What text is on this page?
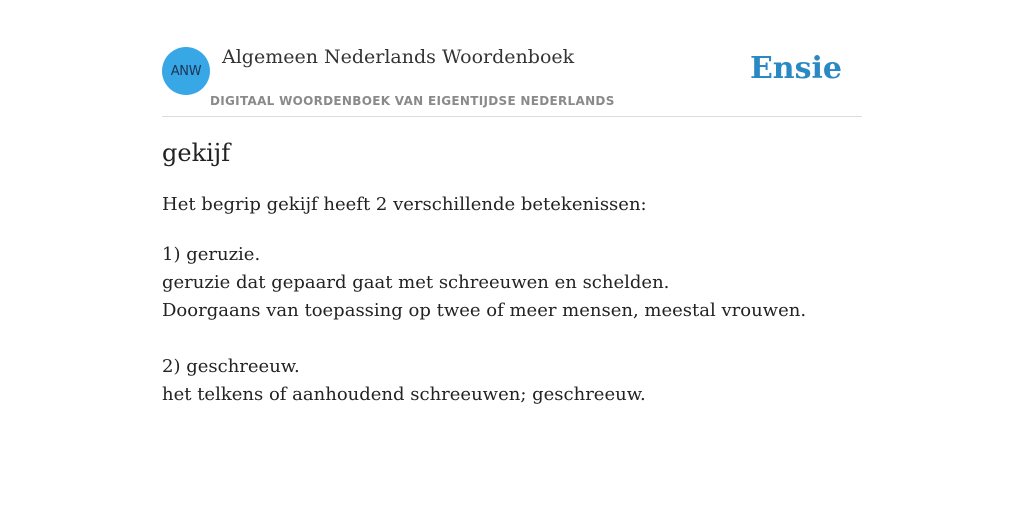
ANW
Algemeen Nederlands Woordenboek
DIGITAAL WOORDENBOEK VAN EIGENTIJDSE NEDERLANDS
Ensie
gekijf
Het begrip gekijf heeft 2 verschillende betekenissen:
1) geruzie.
geruzie dat gepaard gaat met schreeuwen en schelden.
Doorgaans van toepassing op twee of meer mensen, meestal vrouwen.
2) geschreeuw.
het telkens of aanhoudend schreeuwen; geschreeuw.
